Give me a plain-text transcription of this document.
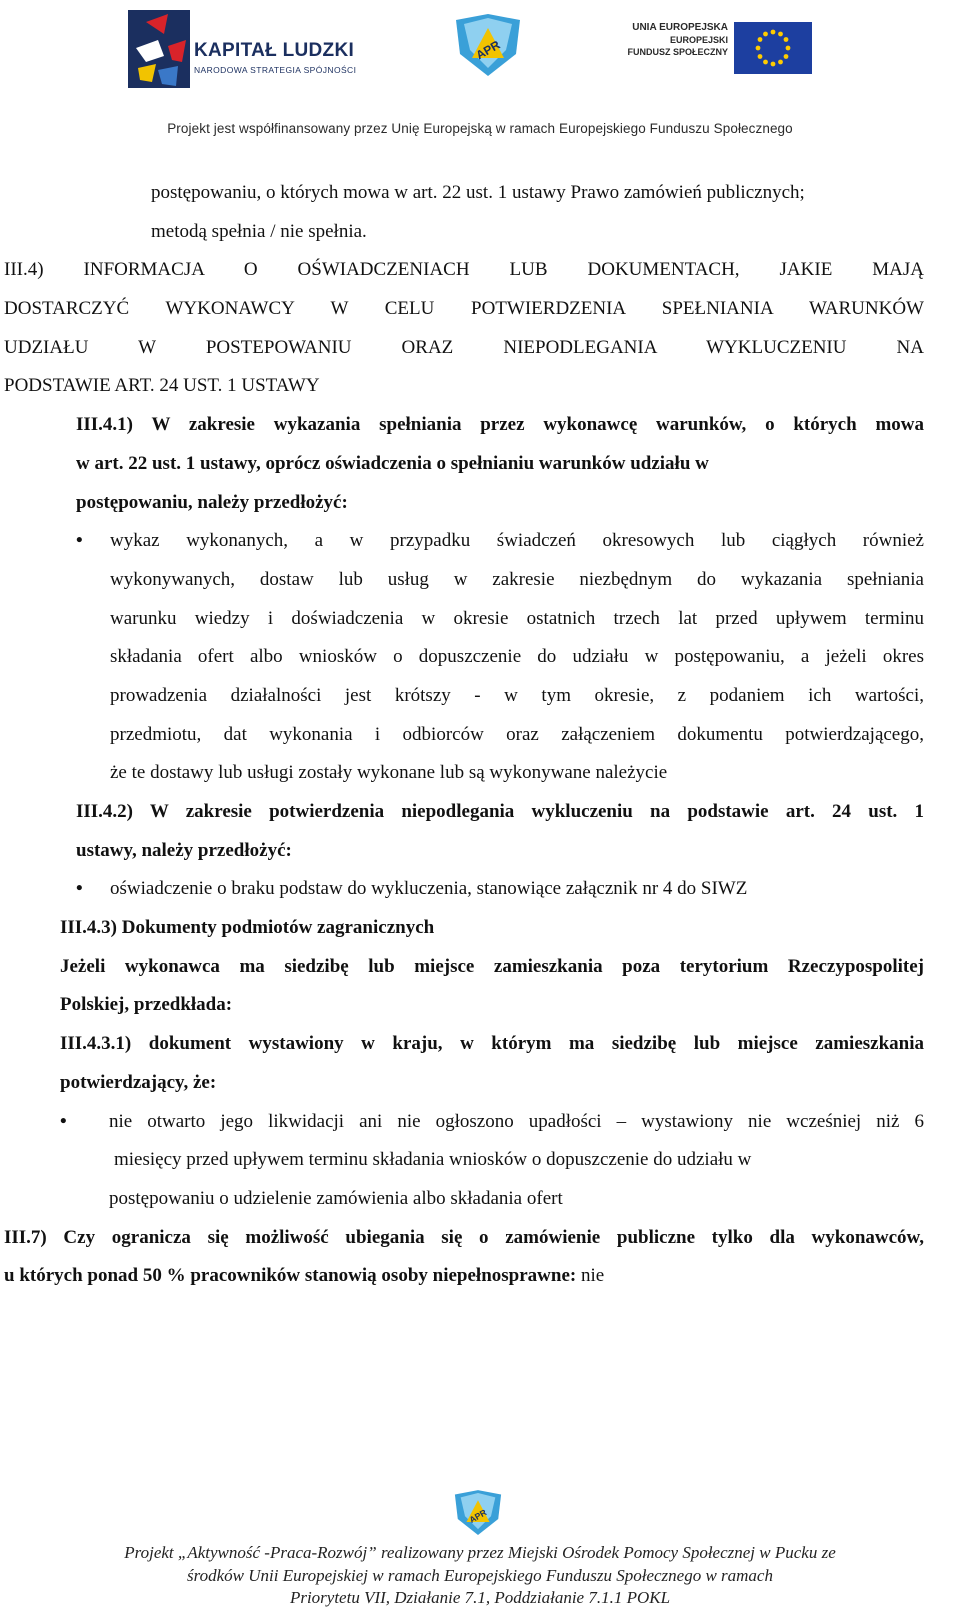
KAPITAŁ LUDZKI
NARODOWA STRATEGIA SPÓJNOŚCI
APR
UNIA EUROPEJSKA
EUROPEJSKI
FUNDUSZ SPOŁECZNY
Projekt jest współfinansowany przez Unię Europejską w ramach Europejskiego Funduszu Społecznego
postępowaniu, o których mowa w art. 22 ust. 1 ustawy Prawo zamówień publicznych;
metodą spełnia / nie spełnia.
III.4) INFORMACJA O OŚWIADCZENIACH LUB DOKUMENTACH, JAKIE MAJĄ
DOSTARCZYĆ WYKONAWCY W CELU POTWIERDZENIA SPEŁNIANIA WARUNKÓW
UDZIAŁU W POSTEPOWANIU ORAZ NIEPODLEGANIA WYKLUCZENIU NA
PODSTAWIE ART. 24 UST. 1 USTAWY
III.4.1) W zakresie wykazania spełniania przez wykonawcę warunków, o których mowa
w art. 22 ust. 1 ustawy, oprócz oświadczenia o spełnianiu warunków udziału w
postępowaniu, należy przedłożyć:
• wykaz wykonanych, a w przypadku świadczeń okresowych lub ciągłych również
wykonywanych, dostaw lub usług w zakresie niezbędnym do wykazania spełniania
warunku wiedzy i doświadczenia w okresie ostatnich trzech lat przed upływem terminu
składania ofert albo wniosków o dopuszczenie do udziału w postępowaniu, a jeżeli okres
prowadzenia działalności jest krótszy - w tym okresie, z podaniem ich wartości,
przedmiotu, dat wykonania i odbiorców oraz załączeniem dokumentu potwierdzającego,
że te dostawy lub usługi zostały wykonane lub są wykonywane należycie
III.4.2) W zakresie potwierdzenia niepodlegania wykluczeniu na podstawie art. 24 ust. 1
ustawy, należy przedłożyć:
• oświadczenie o braku podstaw do wykluczenia, stanowiące załącznik nr 4 do SIWZ
III.4.3) Dokumenty podmiotów zagranicznych
Jeżeli wykonawca ma siedzibę lub miejsce zamieszkania poza terytorium Rzeczypospolitej
Polskiej, przedkłada:
III.4.3.1) dokument wystawiony w kraju, w którym ma siedzibę lub miejsce zamieszkania
potwierdzający, że:
• nie otwarto jego likwidacji ani nie ogłoszono upadłości – wystawiony nie wcześniej niż 6
miesięcy przed upływem terminu składania wniosków o dopuszczenie do udziału w
postępowaniu o udzielenie zamówienia albo składania ofert
III.7) Czy ogranicza się możliwość ubiegania się o zamówienie publiczne tylko dla wykonawców,
u których ponad 50 % pracowników stanowią osoby niepełnosprawne: nie
APR
Projekt „Aktywność -Praca-Rozwój” realizowany przez Miejski Ośrodek Pomocy Społecznej w Pucku ze
środków Unii Europejskiej w ramach Europejskiego Funduszu Społecznego w ramach
Priorytetu VII, Działanie 7.1, Poddziałanie 7.1.1 POKL
